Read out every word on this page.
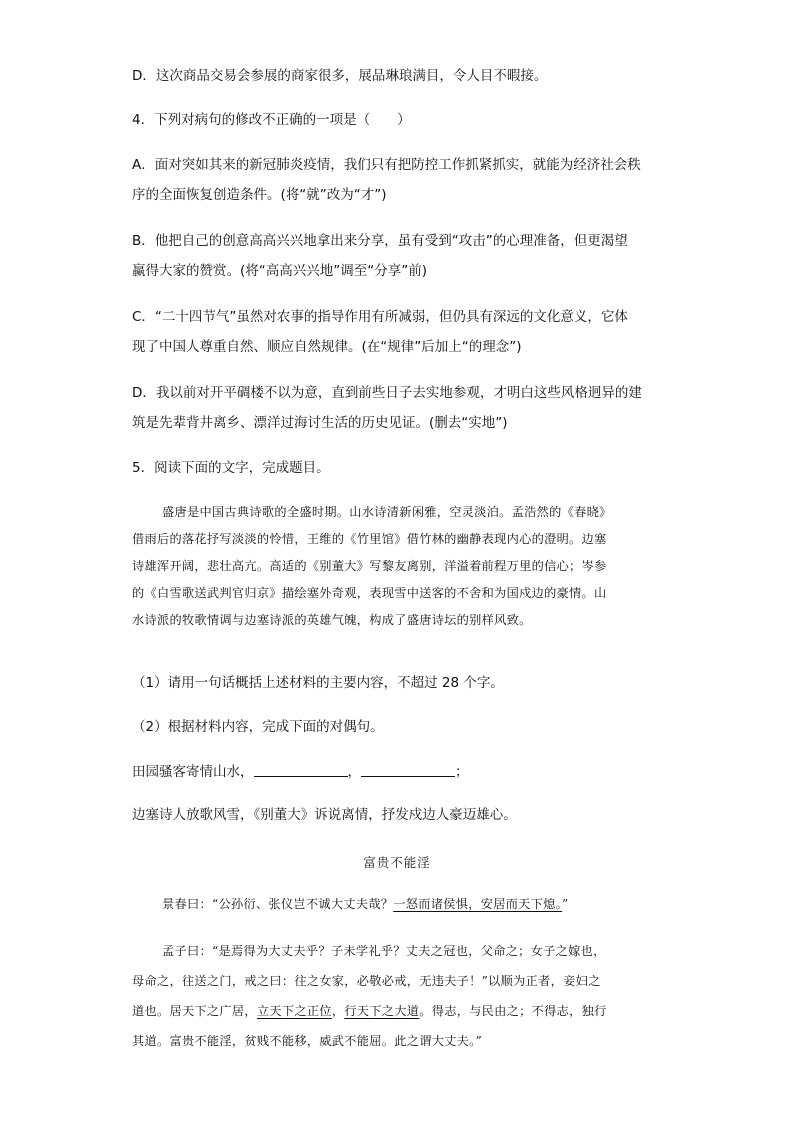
D．这次商品交易会参展的商家很多，展品琳琅满目，令人目不暇接。
4．下列对病句的修改不正确的一项是（　　）
A．面对突如其来的新冠肺炎疫情，我们只有把防控工作抓紧抓实，就能为经济社会秩
序的全面恢复创造条件。(将“就”改为“才”)
B．他把自己的创意高高兴兴地拿出来分享，虽有受到“攻击”的心理准备，但更渴望
赢得大家的赞赏。(将“高高兴兴地”调至“分享”前)
C．“二十四节气”虽然对农事的指导作用有所减弱，但仍具有深远的文化意义，它体
现了中国人尊重自然、顺应自然规律。(在“规律”后加上“的理念”)
D．我以前对开平碉楼不以为意，直到前些日子去实地参观，才明白这些风格迥异的建
筑是先辈背井离乡、漂洋过海讨生活的历史见证。(删去“实地”)
5．阅读下面的文字，完成题目。
盛唐是中国古典诗歌的全盛时期。山水诗清新闲雅，空灵淡泊。孟浩然的《春晓》
借雨后的落花抒写淡淡的怜惜，王维的《竹里馆》借竹林的幽静表现内心的澄明。边塞
诗雄浑开阔，悲壮高亢。高适的《别董大》写黎友离别，洋溢着前程万里的信心；岑参
的《白雪歌送武判官归京》描绘塞外奇观，表现雪中送客的不舍和为国戍边的豪情。山
水诗派的牧歌情调与边塞诗派的英雄气魄，构成了盛唐诗坛的别样风致。
（1）请用一句话概括上述材料的主要内容，不超过 28 个字。
（2）根据材料内容，完成下面的对偶句。
田园骚客寄情山水，	，	；
边塞诗人放歌风雪，《别董大》诉说离情，抒发戍边人豪迈雄心。
富贵不能淫
景春曰：“公孙衍、张仪岂不诚大丈夫哉？一怒而诸侯惧，安居而天下熄。”
孟子曰：“是焉得为大丈夫乎？子未学礼乎？丈夫之冠也，父命之；女子之嫁也，
母命之，往送之门，戒之曰：往之女家，必敬必戒，无违夫子！”以顺为正者，妾妇之
道也。居天下之广居，立天下之正位，行天下之大道。得志，与民由之；不得志，独行
其道。富贵不能淫，贫贱不能移，威武不能屈。此之谓大丈夫。”
